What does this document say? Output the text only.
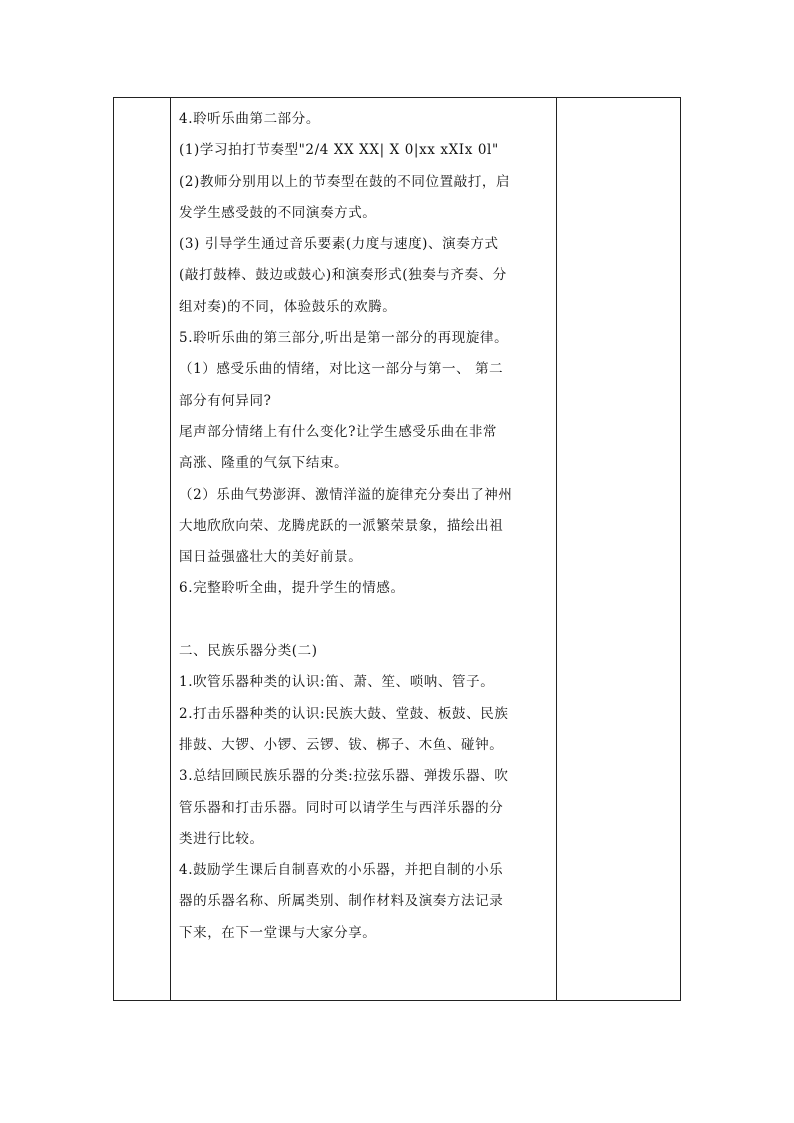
4.聆听乐曲第二部分。
(1)学习拍打节奏型"2/4 XX XX| X 0|xx xXIx 0l"
(2)教师分别用以上的节奏型在鼓的不同位置敲打，启
发学生感受鼓的不同演奏方式。
(3) 引导学生通过音乐要素(力度与速度)、演奏方式
(敲打鼓棒、鼓边或鼓心)和演奏形式(独奏与齐奏、分
组对奏)的不同，体验鼓乐的欢腾。
5.聆听乐曲的第三部分,听出是第一部分的再现旋律。
（1）感受乐曲的情绪，对比这一部分与第一、 第二
部分有何异同?
尾声部分情绪上有什么变化?让学生感受乐曲在非常
高涨、隆重的气氛下结束。
（2）乐曲气势澎湃、激情洋溢的旋律充分奏出了神州
大地欣欣向荣、龙腾虎跃的一派繁荣景象，描绘出祖
国日益强盛壮大的美好前景。
6.完整聆听全曲，提升学生的情感。
二、民族乐器分类(二)
1.吹管乐器种类的认识:笛、萧、笙、唢呐、管子。
2.打击乐器种类的认识:民族大鼓、堂鼓、板鼓、民族
排鼓、大锣、小锣、云锣、钹、梆子、木鱼、碰钟。
3.总结回顾民族乐器的分类:拉弦乐器、弹拨乐器、吹
管乐器和打击乐器。同时可以请学生与西洋乐器的分
类进行比较。
4.鼓励学生课后自制喜欢的小乐器，并把自制的小乐
器的乐器名称、所属类别、制作材料及演奏方法记录
下来，在下一堂课与大家分享。
